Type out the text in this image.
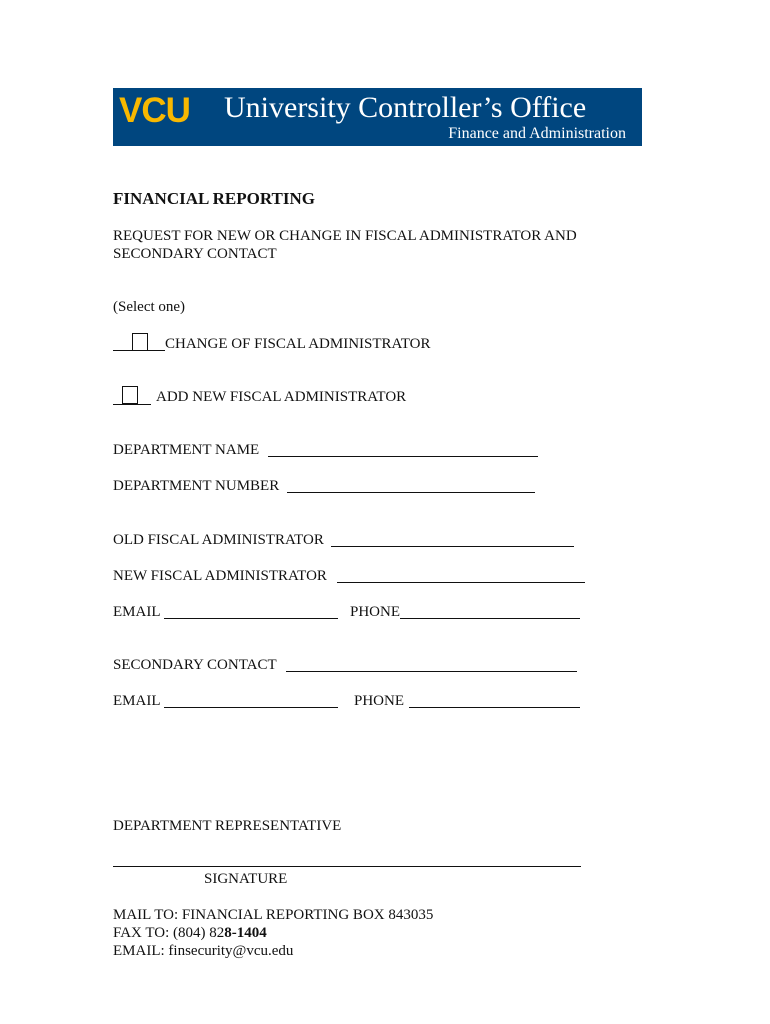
VCU University Controller’s Office
Finance and Administration
FINANCIAL REPORTING
REQUEST FOR NEW OR CHANGE IN FISCAL ADMINISTRATOR AND
SECONDARY CONTACT
(Select one)
CHANGE OF FISCAL ADMINISTRATOR
ADD NEW FISCAL ADMINISTRATOR
DEPARTMENT NAME
DEPARTMENT NUMBER
OLD FISCAL ADMINISTRATOR
NEW FISCAL ADMINISTRATOR
EMAIL	PHONE
SECONDARY CONTACT
EMAIL	PHONE
DEPARTMENT REPRESENTATIVE
SIGNATURE
MAIL TO: FINANCIAL REPORTING BOX 843035
FAX TO: (804) 828-1404
EMAIL: finsecurity@vcu.edu
